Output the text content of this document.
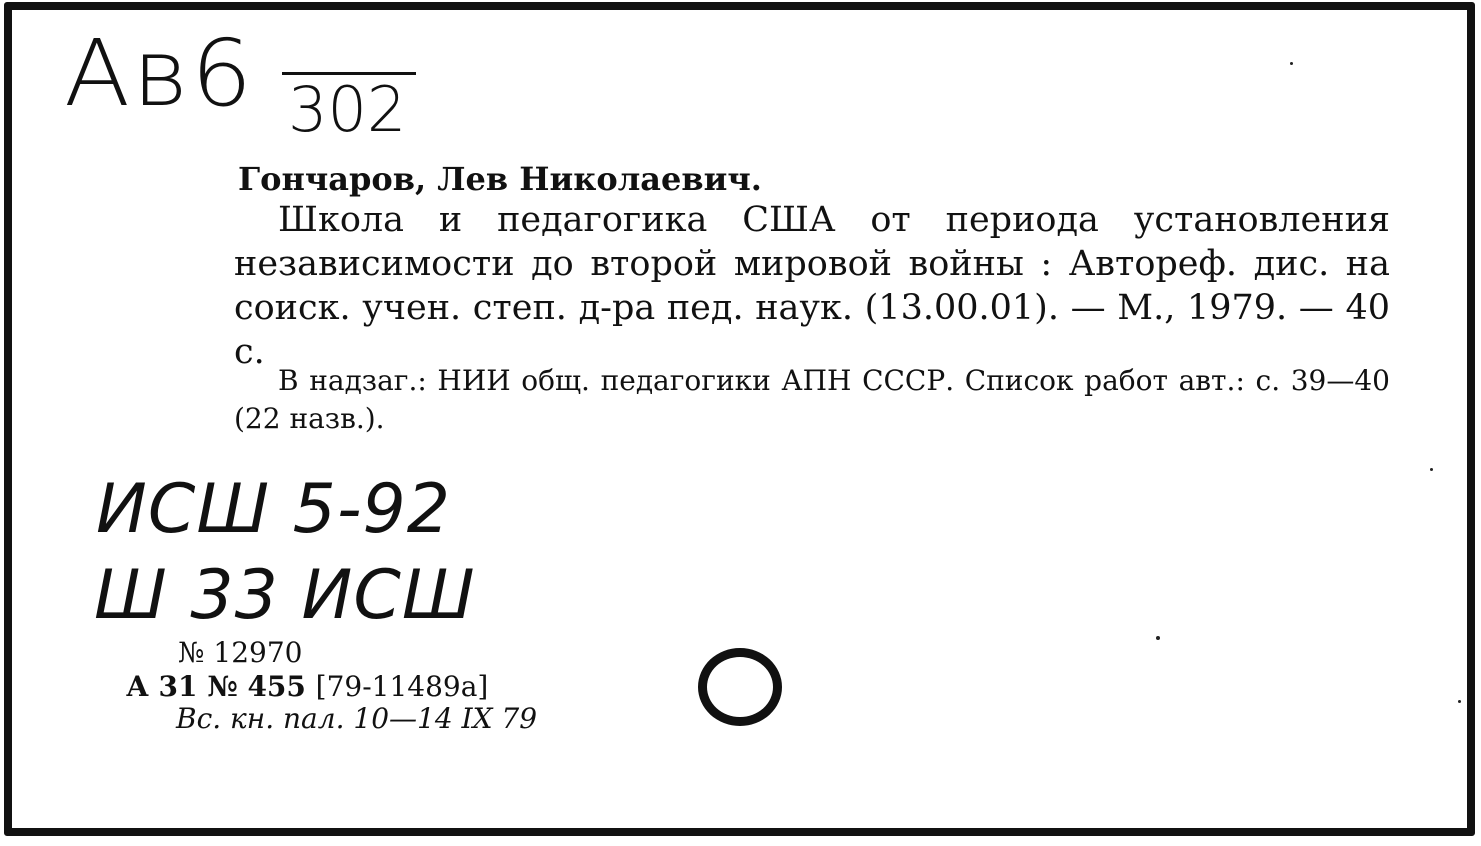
Ав6 302
Гончаров, Лев Николаевич.
Школа и педагогика США от периода установления независимости до второй мировой войны : Автореф. дис. на соиск. учен. степ. д-ра пед. наук. (13.00.01). — М., 1979. — 40 с.
В надзаг.: НИИ общ. педагогики АПН СССР. Список работ авт.: с. 39—40 (22 назв.).
ИСШ 5-92
Ш 33 ИСШ
№ 12970
А 31 № 455 [79-11489а]
Вс. кн. пал. 10—14 IX 79
